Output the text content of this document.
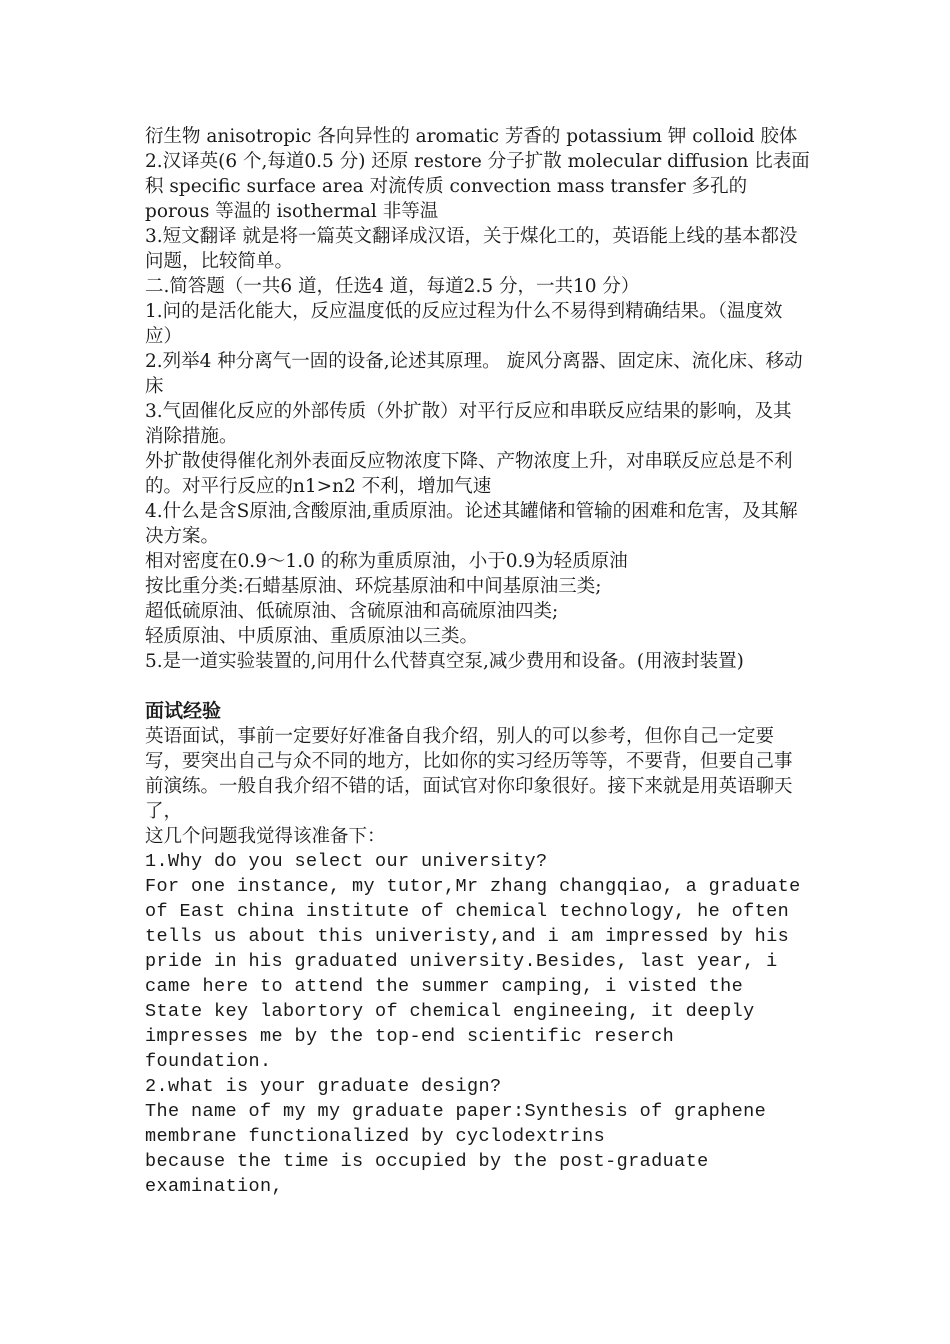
衍生物 anisotropic 各向异性的 aromatic 芳香的 potassium 钾 colloid 胶体 2.汉译英(6 个,每道0.5 分) 还原 restore 分子扩散 molecular diffusion 比表面积 specific surface area 对流传质 convection mass transfer 多孔的 porous 等温的 isothermal 非等温

3.短文翻译 就是将一篇英文翻译成汉语，关于煤化工的，英语能上线的基本都没问题，比较简单。

二.简答题（一共6 道，任选4 道，每道2.5 分，一共10 分）

1.问的是活化能大，反应温度低的反应过程为什么不易得到精确结果。（温度效应）

2.列举4 种分离气一固的设备,论述其原理。 旋风分离器、固定床、流化床、移动床

3.气固催化反应的外部传质（外扩散）对平行反应和串联反应结果的影响，及其消除措施。

外扩散使得催化剂外表面反应物浓度下降、产物浓度上升，对串联反应总是不利的。对平行反应的n1>n2 不利，增加气速

4.什么是含S原油,含酸原油,重质原油。论述其罐储和管输的困难和危害，及其解决方案。

相对密度在0.9～1.0 的称为重质原油，小于0.9为轻质原油

按比重分类:石蜡基原油、环烷基原油和中间基原油三类;

超低硫原油、低硫原油、含硫原油和高硫原油四类;

轻质原油、中质原油、重质原油以三类。

5.是一道实验装置的,问用什么代替真空泵,减少费用和设备。(用液封装置)

面试经验

英语面试，事前一定要好好准备自我介绍，别人的可以参考，但你自己一定要写，要突出自己与众不同的地方，比如你的实习经历等等，不要背，但要自己事前演练。一般自我介绍不错的话，面试官对你印象很好。接下来就是用英语聊天了，

这几个问题我觉得该准备下：

1.Why do you select our university?

For one instance, my tutor,Mr zhang changqiao, a graduate of East china institute of chemical technology, he often tells us about this univeristy,and i am impressed by his pride in his graduated university.Besides, last year, i came here to attend the summer camping, i visted the State key labortory of chemical engineeing, it deeply impresses me by the top-end scientific reserch foundation.

2.what is your graduate design?

The name of my my graduate paper:Synthesis of graphene membrane functionalized by cyclodextrins

because the time is occupied by the post-graduate examination,
